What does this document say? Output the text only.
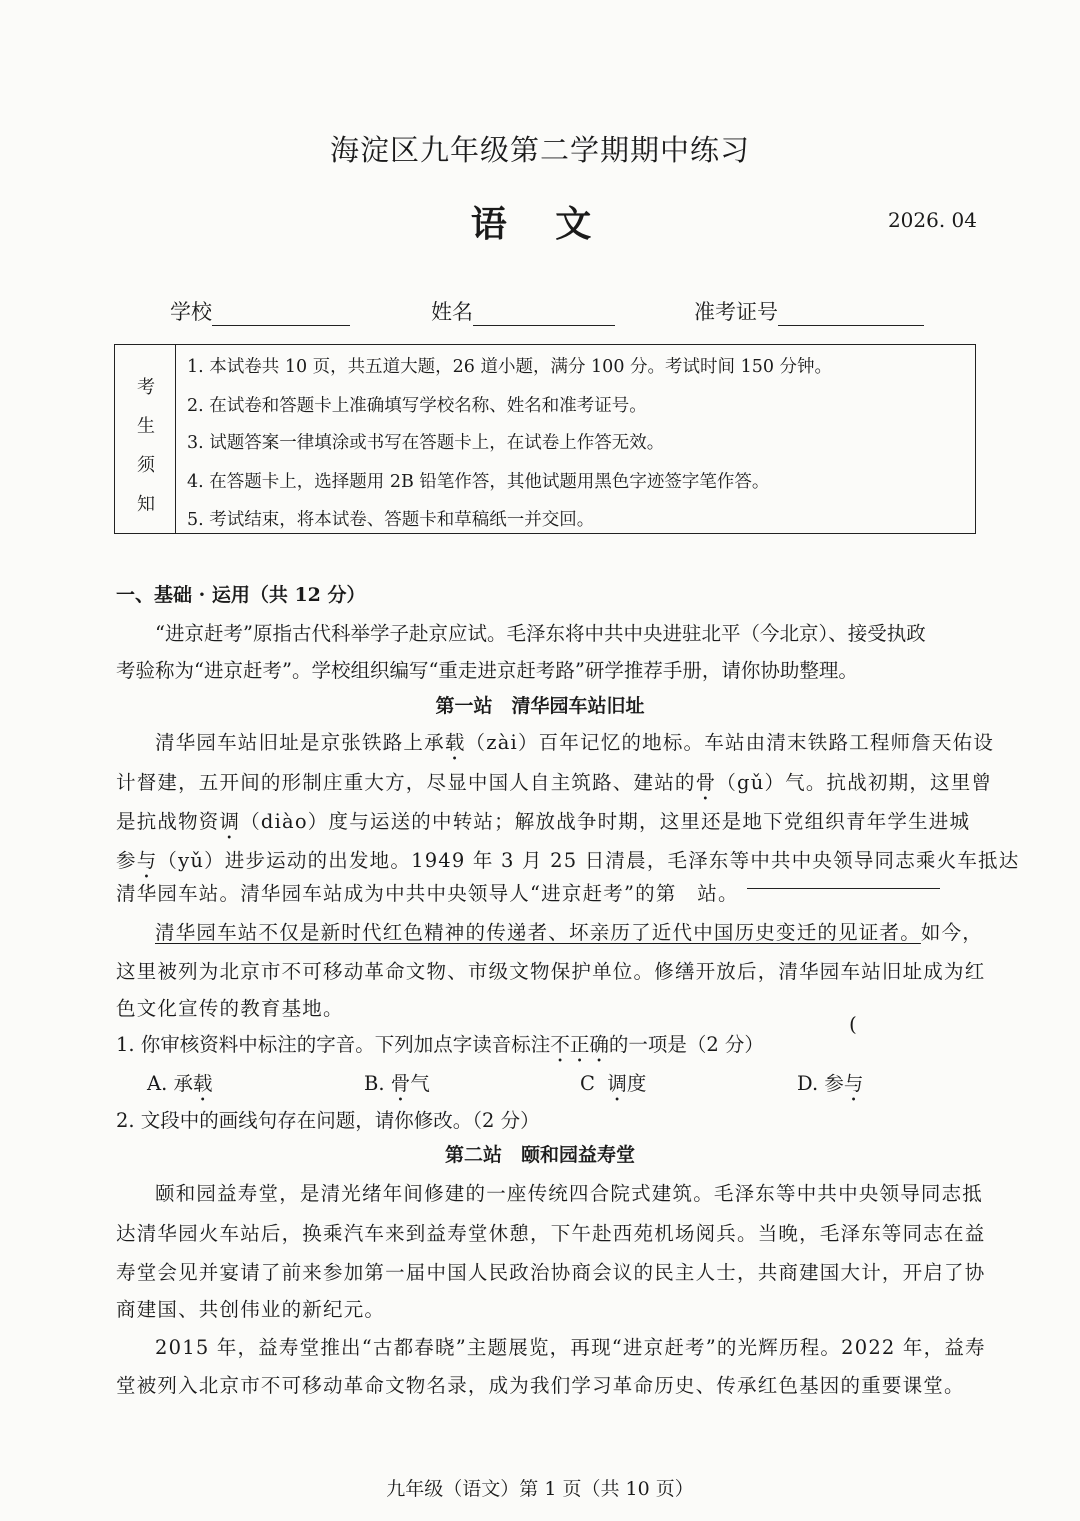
海淀区九年级第二学期期中练习
语 文	2026. 04
学校	姓名	准考证号
考
生
须
知
1. 本试卷共 10 页，共五道大题，26 道小题，满分 100 分。考试时间 150 分钟。
2. 在试卷和答题卡上准确填写学校名称、姓名和准考证号。
3. 试题答案一律填涂或书写在答题卡上，在试卷上作答无效。
4. 在答题卡上，选择题用 2B 铅笔作答，其他试题用黑色字迹签字笔作答。
5. 考试结束，将本试卷、答题卡和草稿纸一并交回。
一、基础 · 运用（共 12 分）
“进京赶考”原指古代科举学子赴京应试。毛泽东将中共中央进驻北平（今北京）、接受执政
考验称为“进京赶考”。学校组织编写“重走进京赶考路”研学推荐手册，请你协助整理。
第一站　清华园车站旧址
清华园车站旧址是京张铁路上承载（zài）百年记忆的地标。车站由清末铁路工程师詹天佑设
计督建，五开间的形制庄重大方，尽显中国人自主筑路、建站的骨（gǔ）气。抗战初期，这里曾
是抗战物资调（diào）度与运送的中转站；解放战争时期，这里还是地下党组织青年学生进城
参与（yǔ）进步运动的出发地。1949 年 3 月 25 日清晨，毛泽东等中共中央领导同志乘火车抵达
清华园车站。清华园车站成为中共中央领导人“进京赶考”的第　站。
清华园车站不仅是新时代红色精神的传递者、坏亲历了近代中国历史变迁的见证者。如今，
这里被列为北京市不可移动革命文物、市级文物保护单位。修缮开放后，清华园车站旧址成为红
色文化宣传的教育基地。
1. 你审核资料中标注的字音。下列加点字读音标注不正确的一项是（2 分）
(
A. 承载	B. 骨气	C 调度	D. 参与
2. 文段中的画线句存在问题，请你修改。（2 分）
第二站　颐和园益寿堂
颐和园益寿堂，是清光绪年间修建的一座传统四合院式建筑。毛泽东等中共中央领导同志抵
达清华园火车站后，换乘汽车来到益寿堂休憩，下午赴西苑机场阅兵。当晚，毛泽东等同志在益
寿堂会见并宴请了前来参加第一届中国人民政治协商会议的民主人士，共商建国大计，开启了协
商建国、共创伟业的新纪元。
2015 年，益寿堂推出“古都春晓”主题展览，再现“进京赶考”的光辉历程。2022 年，益寿
堂被列入北京市不可移动革命文物名录，成为我们学习革命历史、传承红色基因的重要课堂。
九年级（语文）第 1 页（共 10 页）
